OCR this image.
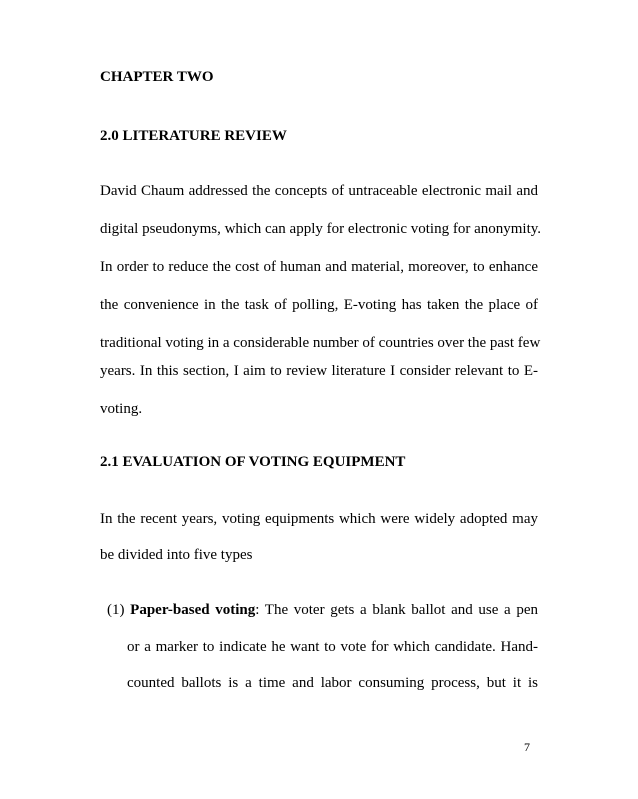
CHAPTER TWO
2.0 LITERATURE REVIEW
David Chaum addressed the concepts of untraceable electronic mail and
digital pseudonyms, which can apply for electronic voting for anonymity.
In order to reduce the cost of human and material, moreover, to enhance
the convenience in the task of polling, E-voting has taken the place of
traditional voting in a considerable number of countries over the past few
years. In this section, I aim to review literature I consider relevant to E-
voting.
2.1 EVALUATION OF VOTING EQUIPMENT
In the recent years, voting equipments which were widely adopted may
be divided into five types
(1) Paper-based voting: The voter gets a blank ballot and use a pen
or a marker to indicate he want to vote for which candidate. Hand-
counted ballots is a time and labor consuming process, but it is
7
